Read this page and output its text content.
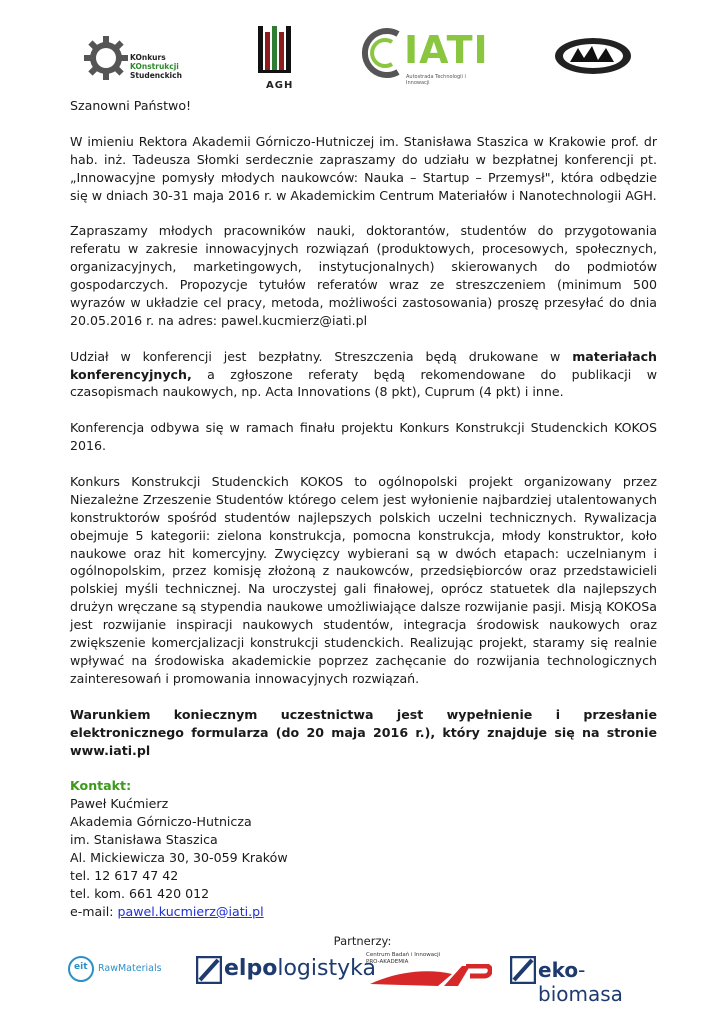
KOnkurs
KOnstrukcji
Studenckich
AGH
IATI
Autostrada Technologii i Innowacji

Szanowni Państwo!

W imieniu Rektora Akademii Górniczo-Hutniczej im. Stanisława Staszica w Krakowie prof. dr hab. inż. Tadeusza Słomki serdecznie zapraszamy do udziału w bezpłatnej konferencji pt. „Innowacyjne pomysły młodych naukowców: Nauka – Startup – Przemysł", która odbędzie się w dniach 30-31 maja 2016 r. w Akademickim Centrum Materiałów i Nanotechnologii AGH.

Zapraszamy młodych pracowników nauki, doktorantów, studentów do przygotowania referatu w zakresie innowacyjnych rozwiązań (produktowych, procesowych, społecznych, organizacyjnych, marketingowych, instytucjonalnych) skierowanych do podmiotów gospodarczych. Propozycje tytułów referatów wraz ze streszczeniem (minimum 500 wyrazów w układzie cel pracy, metoda, możliwości zastosowania) proszę przesyłać do dnia 20.05.2016 r. na adres: pawel.kucmierz@iati.pl

Udział w konferencji jest bezpłatny. Streszczenia będą drukowane w materiałach konferencyjnych, a zgłoszone referaty będą rekomendowane do publikacji w czasopismach naukowych, np. Acta Innovations (8 pkt), Cuprum (4 pkt) i inne.

Konferencja odbywa się w ramach finału projektu Konkurs Konstrukcji Studenckich KOKOS 2016.

Konkurs Konstrukcji Studenckich KOKOS to ogólnopolski projekt organizowany przez Niezależne Zrzeszenie Studentów którego celem jest wyłonienie najbardziej utalentowanych konstruktorów spośród studentów najlepszych polskich uczelni technicznych. Rywalizacja obejmuje 5 kategorii: zielona konstrukcja, pomocna konstrukcja, młody konstruktor, koło naukowe oraz hit komercyjny. Zwycięzcy wybierani są w dwóch etapach: uczelnianym i ogólnopolskim, przez komisję złożoną z naukowców, przedsiębiorców oraz przedstawicieli polskiej myśli technicznej. Na uroczystej gali finałowej, oprócz statuetek dla najlepszych drużyn wręczane są stypendia naukowe umożliwiające dalsze rozwijanie pasji. Misją KOKOSa jest rozwijanie inspiracji naukowych studentów, integracja środowisk naukowych oraz zwiększenie komercjalizacji konstrukcji studenckich. Realizując projekt, staramy się realnie wpływać na środowiska akademickie poprzez zachęcanie do rozwijania technologicznych zainteresowań i promowania innowacyjnych rozwiązań.

Warunkiem koniecznym uczestnictwa jest wypełnienie i przesłanie elektronicznego formularza (do 20 maja 2016 r.), który znajduje się na stronie www.iati.pl

Kontakt:
Paweł Kućmierz
Akademia Górniczo-Hutnicza
im. Stanisława Staszica
Al. Mickiewicza 30, 30-059 Kraków
tel. 12 617 47 42
tel. kom. 661 420 012
e-mail: pawel.kucmierz@iati.pl
Partnerzy:
eit RawMaterials	elpologistyka
Centrum Badań i Innowacji
PRO-AKADEMIA	eko-biomasa
